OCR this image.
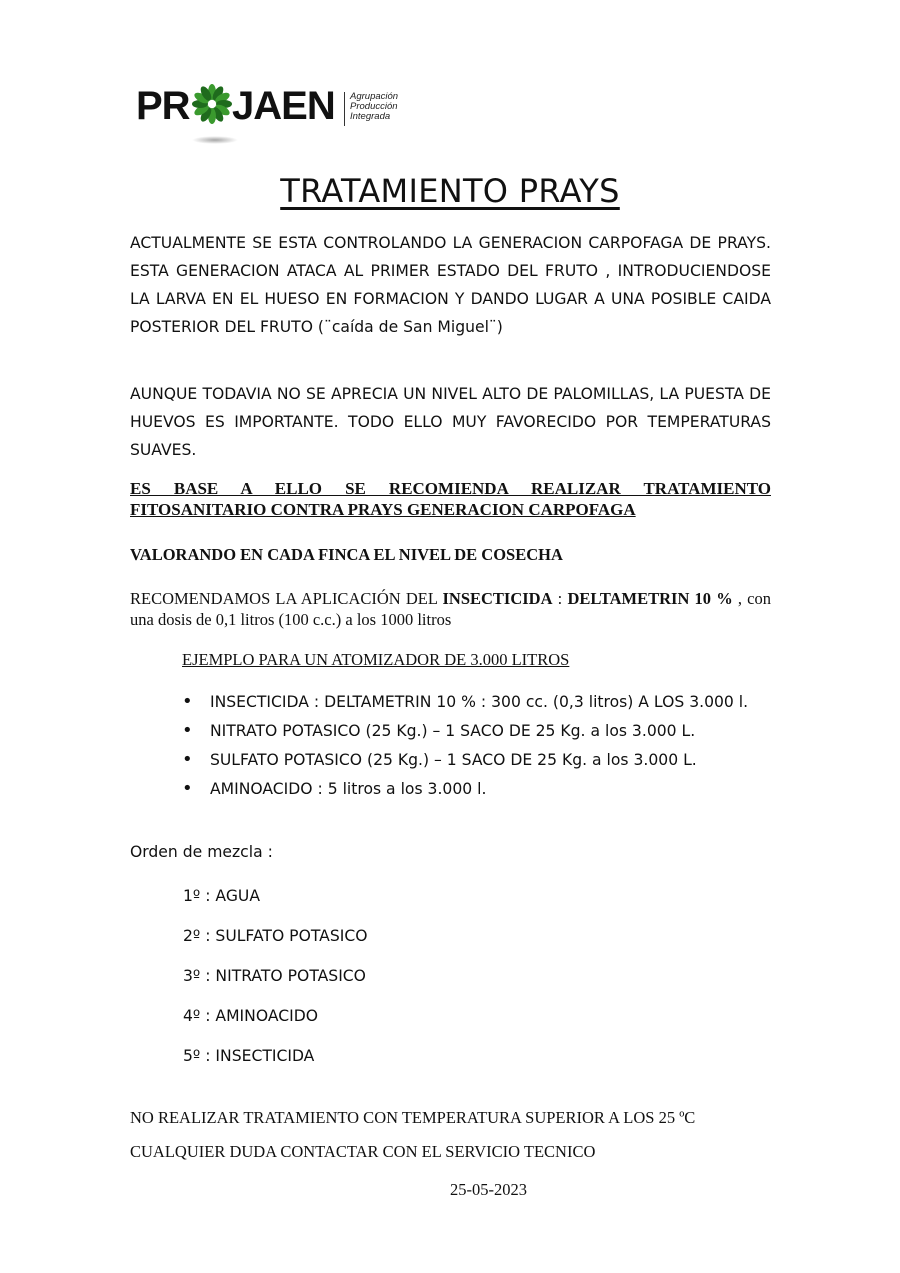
PR JAEN Agrupación
Producción
Integrada
TRATAMIENTO PRAYS
ACTUALMENTE SE ESTA CONTROLANDO LA GENERACION CARPOFAGA DE PRAYS. ESTA GENERACION ATACA AL PRIMER ESTADO DEL FRUTO , INTRODUCIENDOSE LA LARVA EN EL HUESO EN FORMACION Y DANDO LUGAR A UNA POSIBLE CAIDA POSTERIOR DEL FRUTO (¨caída de San Miguel¨)
AUNQUE TODAVIA NO SE APRECIA UN NIVEL ALTO DE PALOMILLAS, LA PUESTA DE HUEVOS ES IMPORTANTE. TODO ELLO MUY FAVORECIDO POR TEMPERATURAS SUAVES.
ES BASE A ELLO SE RECOMIENDA REALIZAR TRATAMIENTO FITOSANITARIO CONTRA PRAYS GENERACION CARPOFAGA
VALORANDO EN CADA FINCA EL NIVEL DE COSECHA
RECOMENDAMOS LA APLICACIÓN DEL INSECTICIDA : DELTAMETRIN 10 % , con una dosis de 0,1 litros (100 c.c.) a los 1000 litros
EJEMPLO PARA UN ATOMIZADOR DE 3.000 LITROS
• INSECTICIDA : DELTAMETRIN 10 % : 300 cc. (0,3 litros) A LOS 3.000 l.
• NITRATO POTASICO (25 Kg.) – 1 SACO DE 25 Kg. a los 3.000 L.
• SULFATO POTASICO (25 Kg.) – 1 SACO DE 25 Kg. a los 3.000 L.
• AMINOACIDO : 5 litros a los 3.000 l.
Orden de mezcla :
1º : AGUA
2º : SULFATO POTASICO
3º : NITRATO POTASICO
4º : AMINOACIDO
5º : INSECTICIDA
NO REALIZAR TRATAMIENTO CON TEMPERATURA SUPERIOR A LOS 25 ºC
CUALQUIER DUDA CONTACTAR CON EL SERVICIO TECNICO
25-05-2023
